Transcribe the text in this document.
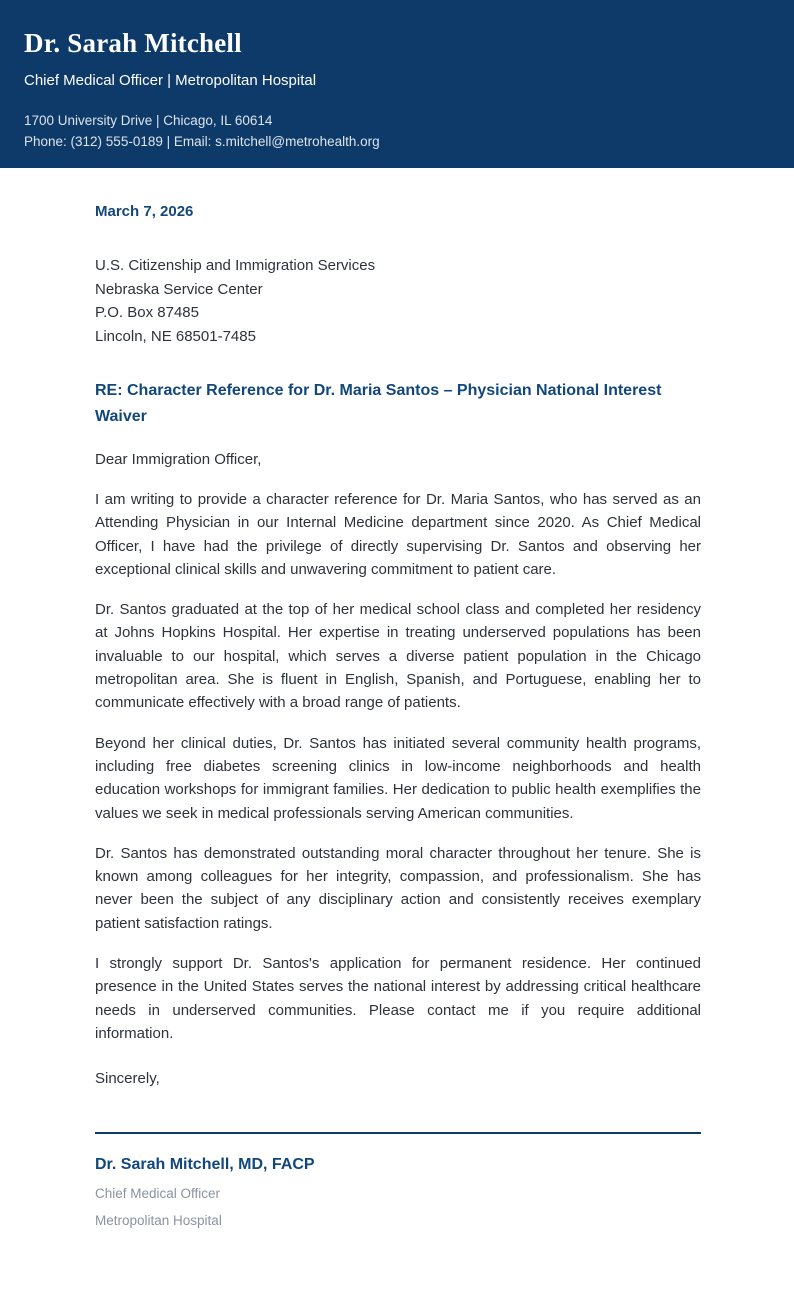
Dr. Sarah Mitchell
Chief Medical Officer | Metropolitan Hospital
1700 University Drive | Chicago, IL 60614
Phone: (312) 555-0189 | Email: s.mitchell@metrohealth.org
March 7, 2026
U.S. Citizenship and Immigration Services
Nebraska Service Center
P.O. Box 87485
Lincoln, NE 68501-7485
RE: Character Reference for Dr. Maria Santos – Physician National Interest Waiver

Dear Immigration Officer,

I am writing to provide a character reference for Dr. Maria Santos, who has served as an Attending Physician in our Internal Medicine department since 2020. As Chief Medical Officer, I have had the privilege of directly supervising Dr. Santos and observing her exceptional clinical skills and unwavering commitment to patient care.

Dr. Santos graduated at the top of her medical school class and completed her residency at Johns Hopkins Hospital. Her expertise in treating underserved populations has been invaluable to our hospital, which serves a diverse patient population in the Chicago metropolitan area. She is fluent in English, Spanish, and Portuguese, enabling her to communicate effectively with a broad range of patients.

Beyond her clinical duties, Dr. Santos has initiated several community health programs, including free diabetes screening clinics in low-income neighborhoods and health education workshops for immigrant families. Her dedication to public health exemplifies the values we seek in medical professionals serving American communities.

Dr. Santos has demonstrated outstanding moral character throughout her tenure. She is known among colleagues for her integrity, compassion, and professionalism. She has never been the subject of any disciplinary action and consistently receives exemplary patient satisfaction ratings.

I strongly support Dr. Santos's application for permanent residence. Her continued presence in the United States serves the national interest by addressing critical healthcare needs in underserved communities. Please contact me if you require additional information.

Sincerely,

Dr. Sarah Mitchell, MD, FACP
Chief Medical Officer
Metropolitan Hospital
